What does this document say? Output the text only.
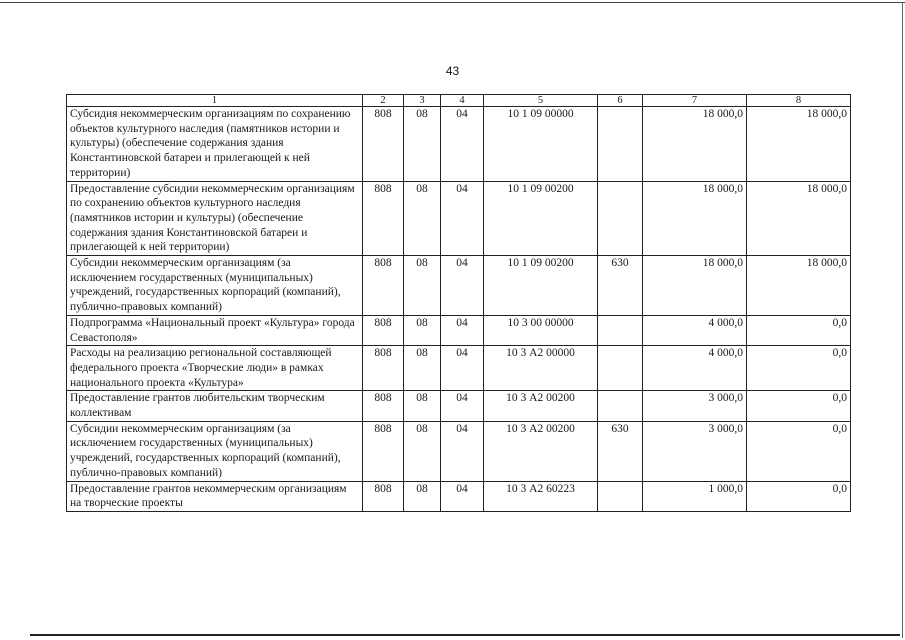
43
1	2	3	4	5	6	7	8
Субсидия некоммерческим организациям по сохранению объектов культурного наследия (памятников истории и культуры) (обеспечение содержания здания Константиновской батареи и прилегающей к ней территории)	808	08	04	10 1 09 00000		18 000,0	18 000,0
Предоставление субсидии некоммерческим организациям по сохранению объектов культурного наследия (памятников истории и культуры) (обеспечение содержания здания Константиновской батареи и прилегающей к ней территории)	808	08	04	10 1 09 00200		18 000,0	18 000,0
Субсидии некоммерческим организациям (за исключением государственных (муниципальных) учреждений, государственных корпораций (компаний), публично-правовых компаний)	808	08	04	10 1 09 00200	630	18 000,0	18 000,0
Подпрограмма «Национальный проект «Культура» города Севастополя»	808	08	04	10 3 00 00000		4 000,0	0,0
Расходы на реализацию региональной составляющей федерального проекта «Творческие люди» в рамках национального проекта «Культура»	808	08	04	10 3 А2 00000		4 000,0	0,0
Предоставление грантов любительским творческим коллективам	808	08	04	10 3 А2 00200		3 000,0	0,0
Субсидии некоммерческим организациям (за исключением государственных (муниципальных) учреждений, государственных корпораций (компаний), публично-правовых компаний)	808	08	04	10 3 А2 00200	630	3 000,0	0,0
Предоставление грантов некоммерческим организациям на творческие проекты	808	08	04	10 3 А2 60223		1 000,0	0,0
